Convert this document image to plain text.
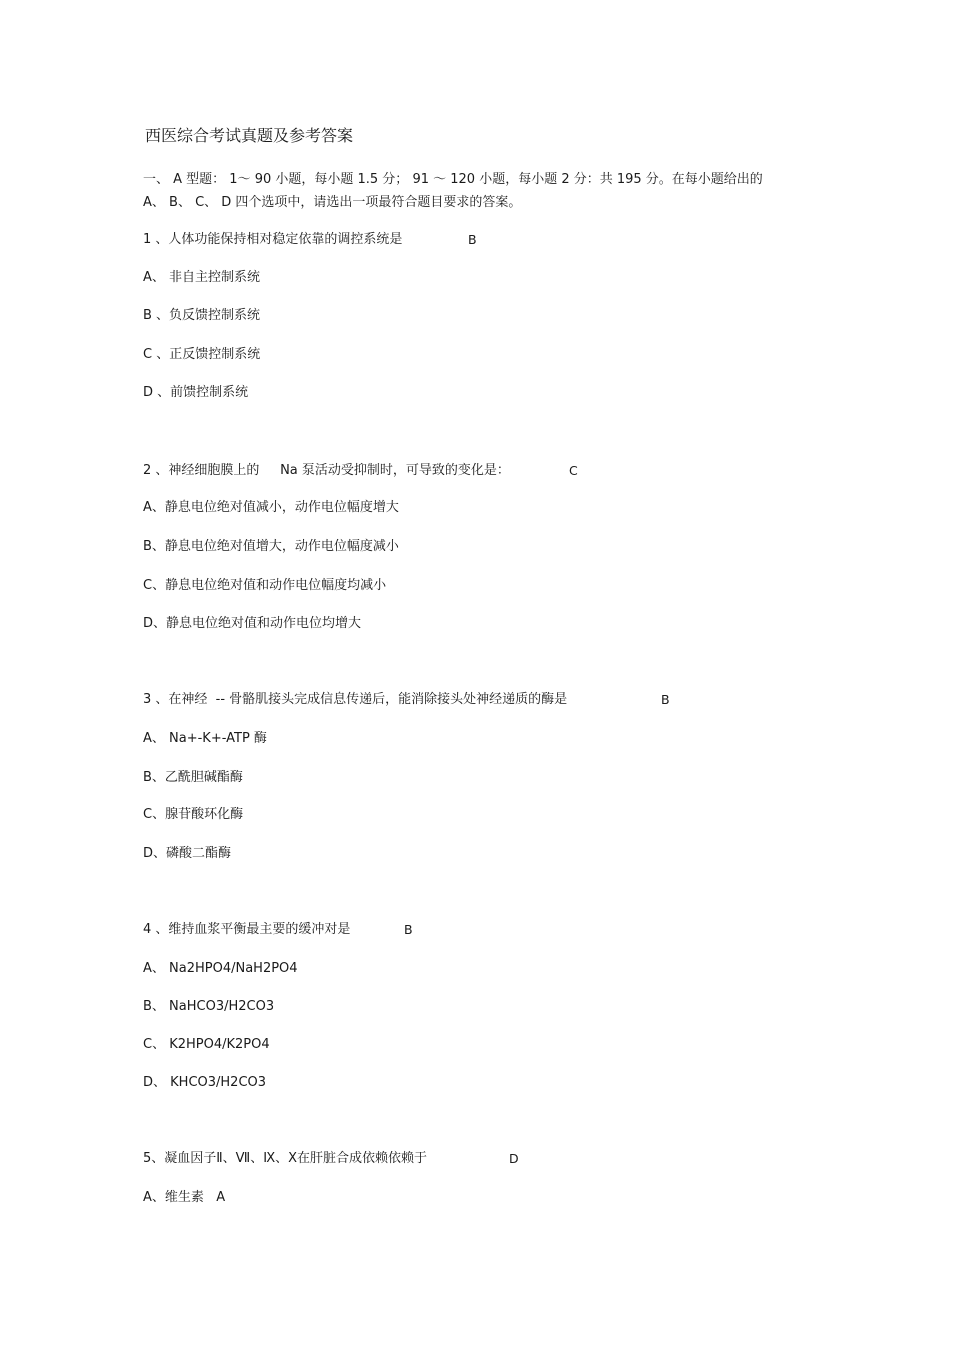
西医综合考试真题及参考答案
一、 A 型题： 1～ 90 小题，每小题 1.5 分； 91 ～ 120 小题，每小题 2 分：共 195 分。在每小题给出的
A、 B、 C、 D 四个选项中，请选出一项最符合题目要求的答案。
1 、人体功能保持相对稳定依靠的调控系统是	B
A、 非自主控制系统
B 、负反馈控制系统
C 、正反馈控制系统
D 、前馈控制系统
2 、神经细胞膜上的     Na 泵活动受抑制时，可导致的变化是：	C
A、静息电位绝对值减小，动作电位幅度增大
B、静息电位绝对值增大，动作电位幅度减小
C、静息电位绝对值和动作电位幅度均减小
D、静息电位绝对值和动作电位均增大
3 、在神经  -- 骨骼肌接头完成信息传递后，能消除接头处神经递质的酶是	B
A、 Na+-K+-ATP 酶
B、乙酰胆碱酯酶
C、腺苷酸环化酶
D、磷酸二酯酶
4 、维持血浆平衡最主要的缓冲对是	B
A、 Na2HPO4/NaH2PO4
B、 NaHCO3/H2CO3
C、 K2HPO4/K2PO4
D、 KHCO3/H2CO3
5、凝血因子Ⅱ、Ⅶ、Ⅸ、Ⅹ在肝脏合成依赖依赖于	D
A、维生素   A
